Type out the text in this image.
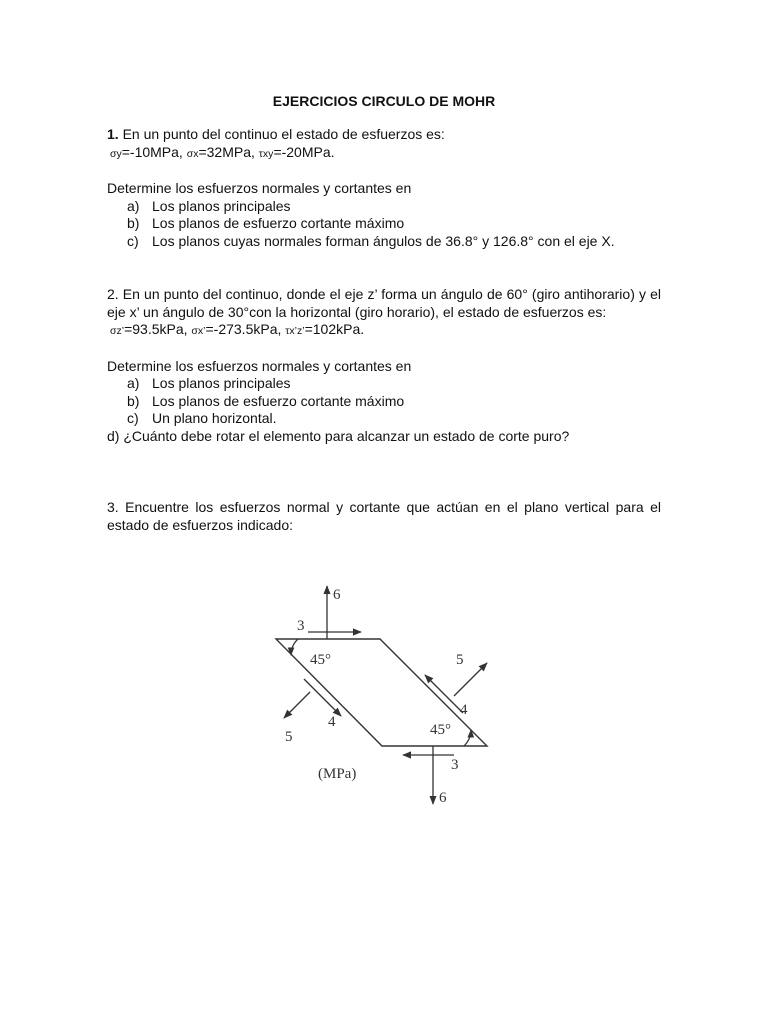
EJERCICIOS CIRCULO DE MOHR

1. En un punto del continuo el estado de esfuerzos es:

σy=-10MPa, σx=32MPa, τxy=-20MPa.

Determine los esfuerzos normales y cortantes en

a) Los planos principales
b) Los planos de esfuerzo cortante máximo
c) Los planos cuyas normales forman ángulos de 36.8° y 126.8° con el eje X.

2. En un punto del continuo, donde el eje z’ forma un ángulo de 60° (giro antihorario) y el eje x’ un ángulo de 30°con la horizontal (giro horario), el estado de esfuerzos es:

σz’=93.5kPa, σx’=-273.5kPa, τx’z’=102kPa.

Determine los esfuerzos normales y cortantes en

a) Los planos principales
b) Los planos de esfuerzo cortante máximo
c) Un plano horizontal.

d) ¿Cuánto debe rotar el elemento para alcanzar un estado de corte puro?

3. Encuentre los esfuerzos normal y cortante que actúan en el plano vertical para el estado de esfuerzos indicado:

6
3
45°	5
4
4
5	45°
3
6
(MPa)
